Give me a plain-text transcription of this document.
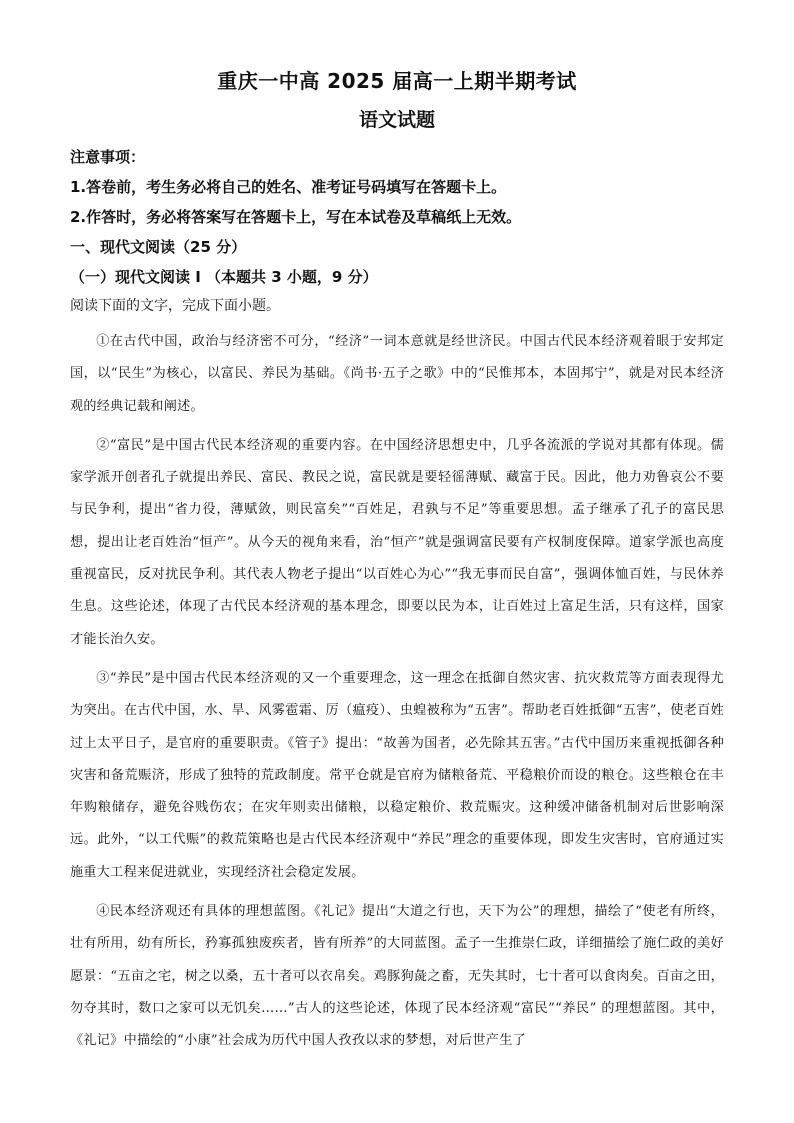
重庆一中高 2025 届高一上期半期考试
语文试题

注意事项：

1.答卷前，考生务必将自己的姓名、准考证号码填写在答题卡上。

2.作答时，务必将答案写在答题卡上，写在本试卷及草稿纸上无效。

一、现代文阅读（25 分）

（一）现代文阅读 I （本题共 3 小题，9 分）

阅读下面的文字，完成下面小题。

①在古代中国，政治与经济密不可分，“经济”一词本意就是经世济民。中国古代民本经济观着眼于安邦定国，以“民生”为核心，以富民、养民为基础。《尚书·五子之歌》中的“民惟邦本，本固邦宁”，就是对民本经济观的经典记载和阐述。

②“富民”是中国古代民本经济观的重要内容。在中国经济思想史中，几乎各流派的学说对其都有体现。儒家学派开创者孔子就提出养民、富民、教民之说，富民就是要轻徭薄赋、藏富于民。因此，他力劝鲁哀公不要与民争利，提出“省力役，薄赋敛，则民富矣”“百姓足，君孰与不足”等重要思想。孟子继承了孔子的富民思想，提出让老百姓治“恒产”。从今天的视角来看，治“恒产”就是强调富民要有产权制度保障。道家学派也高度重视富民，反对扰民争利。其代表人物老子提出“以百姓心为心”“我无事而民自富”，强调体恤百姓，与民休养生息。这些论述，体现了古代民本经济观的基本理念，即要以民为本，让百姓过上富足生活，只有这样，国家才能长治久安。

③“养民”是中国古代民本经济观的又一个重要理念，这一理念在抵御自然灾害、抗灾救荒等方面表现得尤为突出。在古代中国，水、旱、风雾雹霜、厉（瘟疫）、虫蝗被称为“五害”。帮助老百姓抵御“五害”，使老百姓过上太平日子，是官府的重要职责。《管子》提出：“故善为国者，必先除其五害。”古代中国历来重视抵御各种灾害和备荒赈济，形成了独特的荒政制度。常平仓就是官府为储粮备荒、平稳粮价而设的粮仓。这些粮仓在丰年购粮储存，避免谷贱伤农；在灾年则卖出储粮，以稳定粮价、救荒赈灾。这种缓冲储备机制对后世影响深远。此外，“以工代赈”的救荒策略也是古代民本经济观中“养民”理念的重要体现，即发生灾害时，官府通过实施重大工程来促进就业，实现经济社会稳定发展。

④民本经济观还有具体的理想蓝图。《礼记》提出“大道之行也，天下为公”的理想，描绘了“使老有所终，壮有所用，幼有所长，矜寡孤独废疾者，皆有所养”的大同蓝图。孟子一生推崇仁政，详细描绘了施仁政的美好愿景：“五亩之宅，树之以桑，五十者可以衣帛矣。鸡豚狗彘之畜，无失其时，七十者可以食肉矣。百亩之田，勿夺其时，数口之家可以无饥矣……”古人的这些论述，体现了民本经济观“富民”“养民” 的理想蓝图。其中，《礼记》中描绘的“小康”社会成为历代中国人孜孜以求的梦想，对后世产生了
